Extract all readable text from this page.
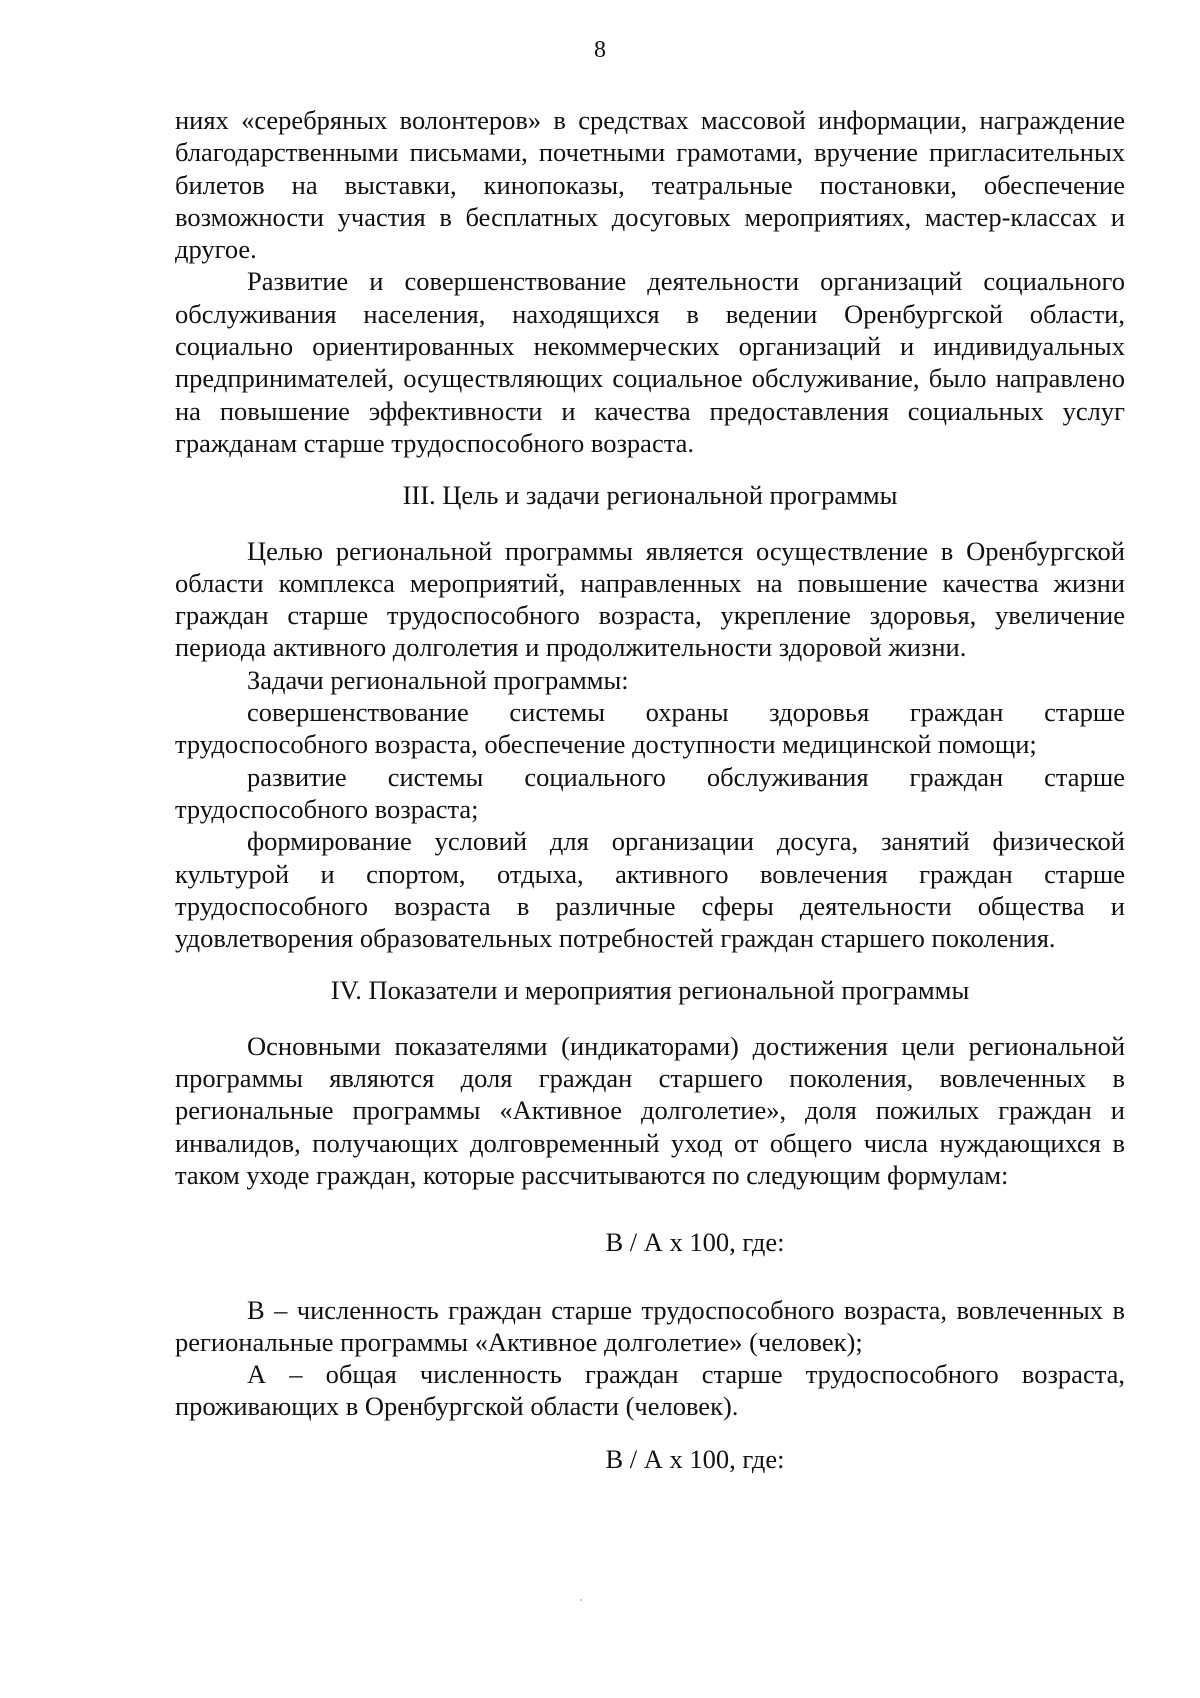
8

ниях «серебряных волонтеров» в средствах массовой информации, награждение благодарственными письмами, почетными грамотами, вручение пригласительных билетов на выставки, кинопоказы, театральные постановки, обеспечение возможности участия в бесплатных досуговых мероприятиях, мастер-классах и другое.

Развитие и совершенствование деятельности организаций социального обслуживания населения, находящихся в ведении Оренбургской области, социально ориентированных некоммерческих организаций и индивидуальных предпринимателей, осуществляющих социальное обслуживание, было направлено на повышение эффективности и качества предоставления социальных услуг гражданам старше трудоспособного возраста.

III. Цель и задачи региональной программы

Целью региональной программы является осуществление в Оренбургской области комплекса мероприятий, направленных на повышение качества жизни граждан старше трудоспособного возраста, укрепление здоровья, увеличение периода активного долголетия и продолжительности здоровой жизни.

Задачи региональной программы:

совершенствование системы охраны здоровья граждан старше трудоспособного возраста, обеспечение доступности медицинской помощи;

развитие системы социального обслуживания граждан старше трудоспособного возраста;

формирование условий для организации досуга, занятий физической культурой и спортом, отдыха, активного вовлечения граждан старше трудоспособного возраста в различные сферы деятельности общества и удовлетворения образовательных потребностей граждан старшего поколения.

IV. Показатели и мероприятия региональной программы

Основными показателями (индикаторами) достижения цели региональной программы являются доля граждан старшего поколения, вовлеченных в региональные программы «Активное долголетие», доля пожилых граждан и инвалидов, получающих долговременный уход от общего числа нуждающихся в таком уходе граждан, которые рассчитываются по следующим формулам:

В / А х 100, где:

В – численность граждан старше трудоспособного возраста, вовлеченных в региональные программы «Активное долголетие» (человек);

А – общая численность граждан старше трудоспособного возраста, проживающих в Оренбургской области (человек).

В / А х 100, где:
